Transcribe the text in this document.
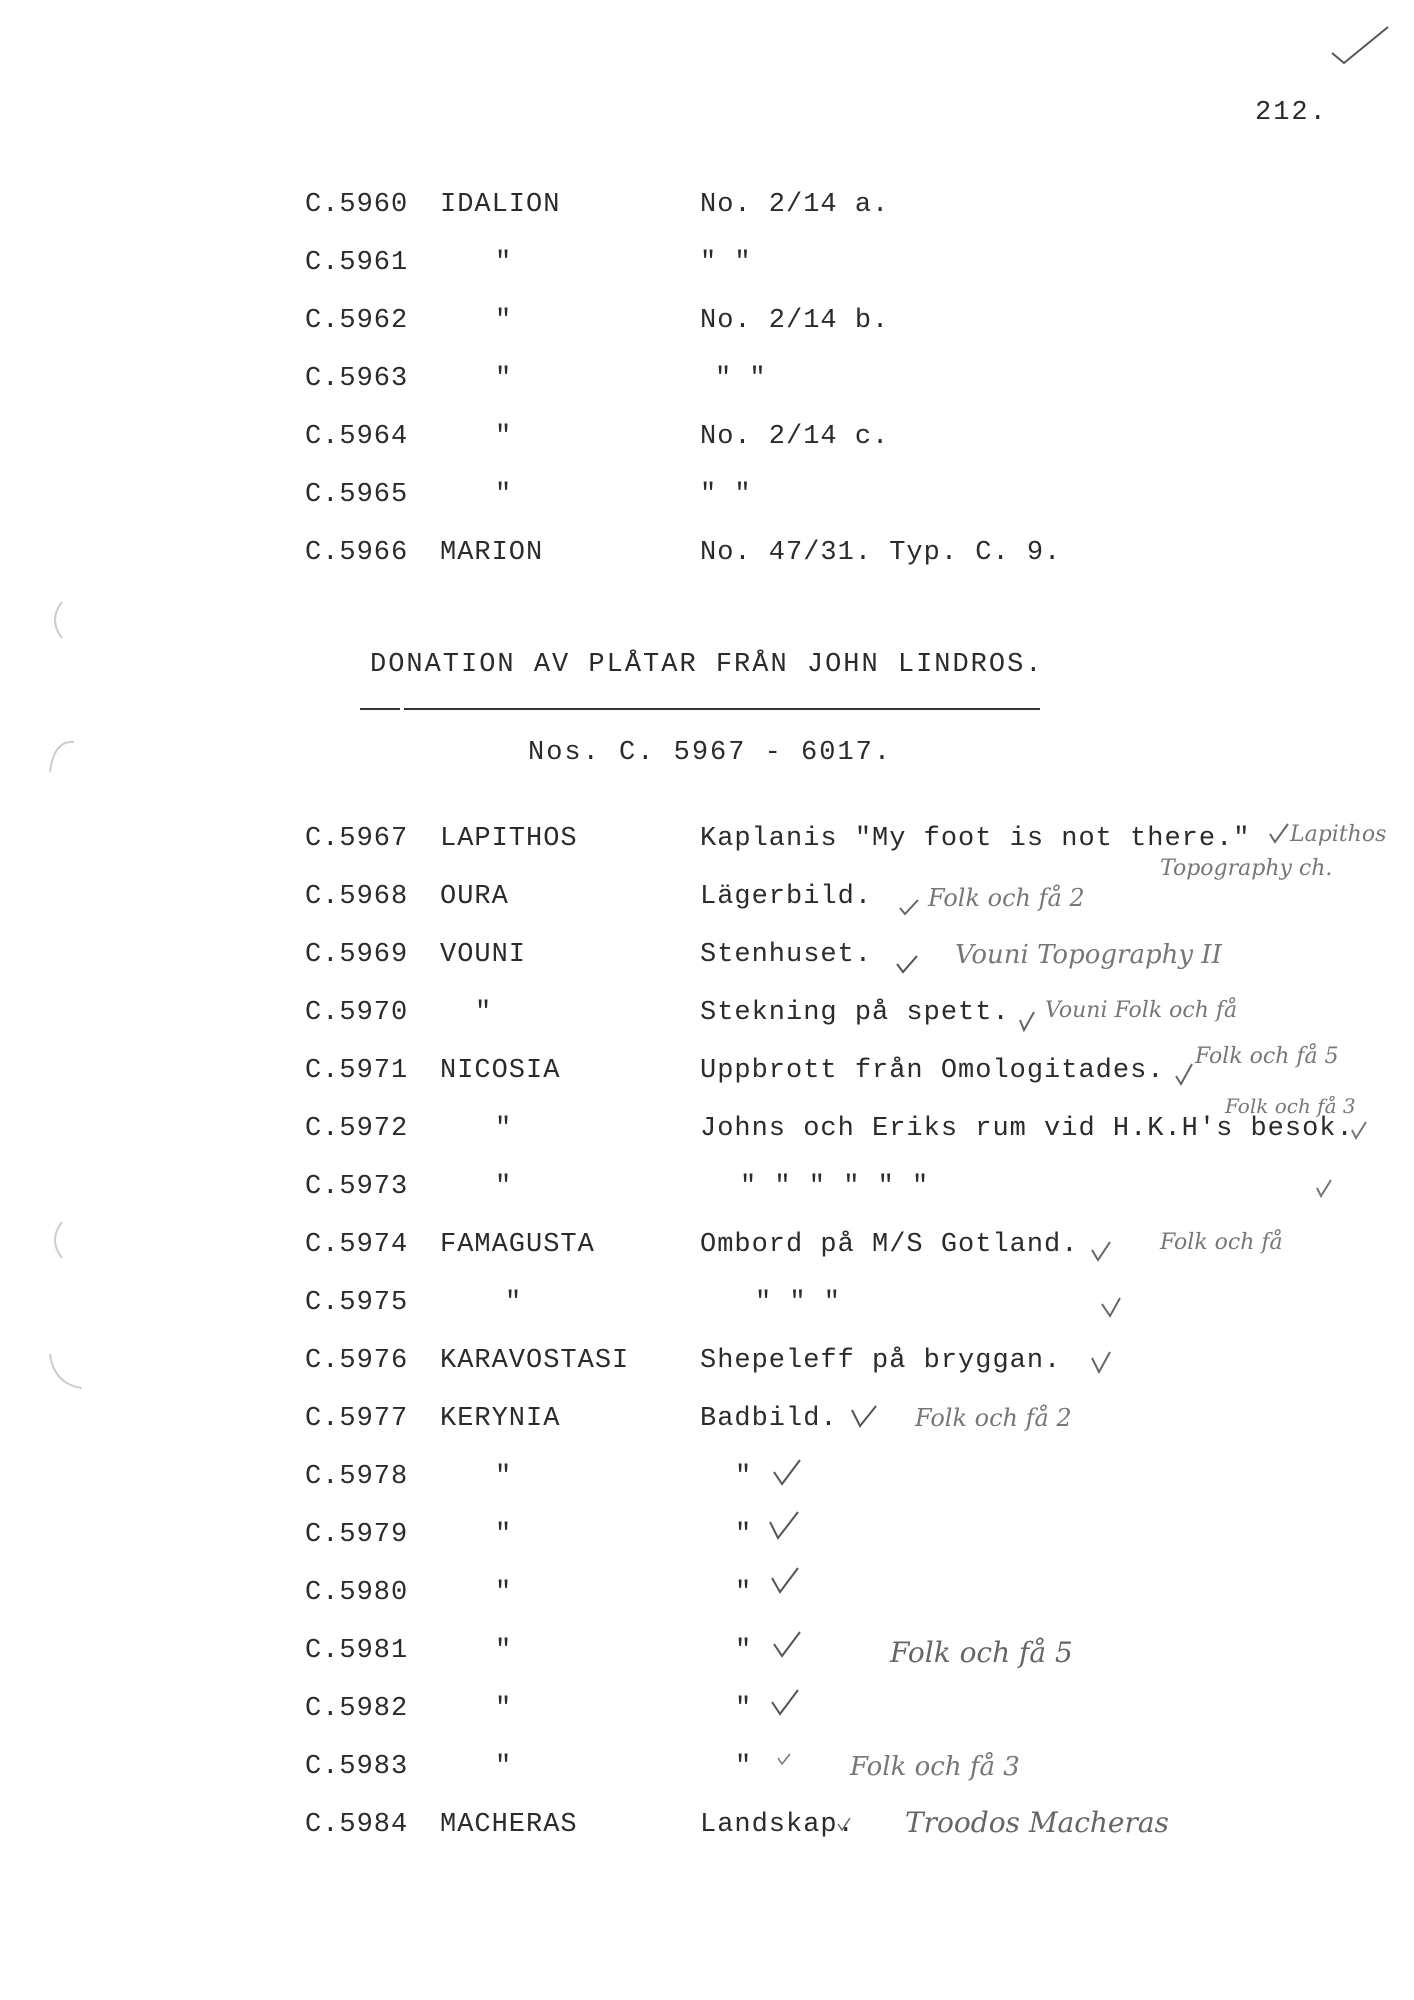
212.
C.5960	IDALION	No. 2/14 a.
C.5961	"	" "
C.5962	"	No. 2/14 b.
C.5963	"	" "
C.5964	"	No. 2/14 c.
C.5965	"	" "
C.5966	MARION	No. 47/31. Typ. C. 9.
DONATION AV PLÅTAR FRÅN JOHN LINDROS.
Nos. C. 5967 - 6017.
C.5967	LAPITHOS	Kaplanis "My foot is not there."
C.5968	OURA	Lägerbild.
C.5969	VOUNI	Stenhuset.
C.5970	"	Stekning på spett.
C.5971	NICOSIA	Uppbrott från Omologitades.
C.5972	"	Johns och Eriks rum vid H.K.H's besok.
C.5973	"	" " " " " "
C.5974	FAMAGUSTA	Ombord på M/S Gotland.
C.5975	"	" " "
C.5976	KARAVOSTASI	Shepeleff på bryggan.
C.5977	KERYNIA	Badbild.
C.5978	"	"
C.5979	"	"
C.5980	"	"
C.5981	"	"
C.5982	"	"
C.5983	"	"
C.5984	MACHERAS	Landskap.
Lapithos
Topography ch.
Folk och få 2
Vouni Topography II
Vouni Folk och få
Folk och få 5
Folk och få 3
Folk och få
Folk och få 2
Folk och få 5
Folk och få 3
Troodos Macheras
